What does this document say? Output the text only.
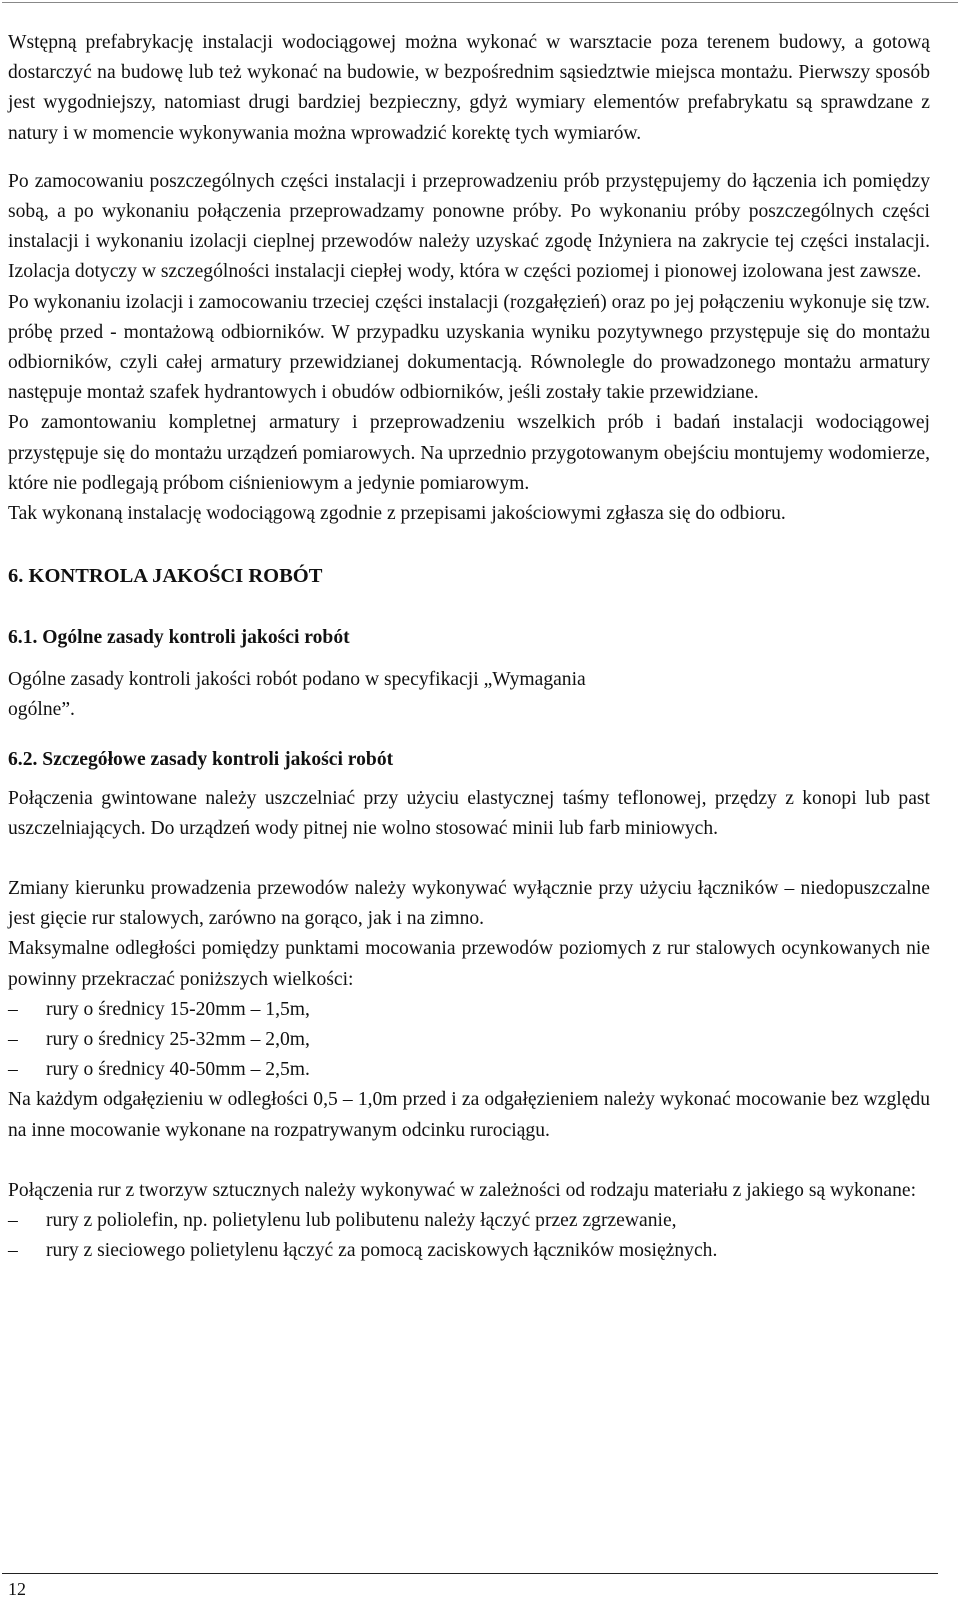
Wstępną prefabrykację instalacji wodociągowej można wykonać w warsztacie poza terenem budowy, a gotową dostarczyć na budowę lub też wykonać na budowie, w bezpośrednim sąsiedztwie miejsca montażu. Pierwszy sposób jest wygodniejszy, natomiast drugi bardziej bezpieczny, gdyż wymiary elementów prefabrykatu są sprawdzane z natury i w momencie wykonywania można wprowadzić korektę tych wymiarów.

Po zamocowaniu poszczególnych części instalacji i przeprowadzeniu prób przystępujemy do łączenia ich pomiędzy sobą, a po wykonaniu połączenia przeprowadzamy ponowne próby. Po wykonaniu próby poszczególnych części instalacji i wykonaniu izolacji cieplnej przewodów należy uzyskać zgodę Inżyniera na zakrycie tej części instalacji. Izolacja dotyczy w szczególności instalacji ciepłej wody, która w części poziomej i pionowej izolowana jest zawsze.

Po wykonaniu izolacji i zamocowaniu trzeciej części instalacji (rozgałęzień) oraz po jej połączeniu wykonuje się tzw. próbę przed - montażową odbiorników. W przypadku uzyskania wyniku pozytywnego przystępuje się do montażu odbiorników, czyli całej armatury przewidzianej dokumentacją. Równolegle do prowadzonego montażu armatury następuje montaż szafek hydrantowych i obudów odbiorników, jeśli zostały takie przewidziane.

Po zamontowaniu kompletnej armatury i przeprowadzeniu wszelkich prób i badań instalacji wodociągowej przystępuje się do montażu urządzeń pomiarowych. Na uprzednio przygotowanym obejściu montujemy wodomierze, które nie podlegają próbom ciśnieniowym a jedynie pomiarowym.

Tak wykonaną instalację wodociągową zgodnie z przepisami jakościowymi zgłasza się do odbioru.

6. KONTROLA JAKOŚCI ROBÓT
6.1. Ogólne zasady kontroli jakości robót

Ogólne zasady kontroli jakości robót podano w specyfikacji „Wymagania

ogólne”.

6.2. Szczegółowe zasady kontroli jakości robót

Połączenia gwintowane należy uszczelniać przy użyciu elastycznej taśmy teflonowej, przędzy z konopi lub past uszczelniających. Do urządzeń wody pitnej nie wolno stosować minii lub farb miniowych.

Zmiany kierunku prowadzenia przewodów należy wykonywać wyłącznie przy użyciu łączników – niedopuszczalne jest gięcie rur stalowych, zarówno na gorąco, jak i na zimno.

Maksymalne odległości pomiędzy punktami mocowania przewodów poziomych z rur stalowych ocynkowanych nie powinny przekraczać poniższych wielkości:

–	rury o średnicy 15-20mm – 1,5m,
–	rury o średnicy 25-32mm – 2,0m,
–	rury o średnicy 40-50mm – 2,5m.

Na każdym odgałęzieniu w odległości 0,5 – 1,0m przed i za odgałęzieniem należy wykonać mocowanie bez względu na inne mocowanie wykonane na rozpatrywanym odcinku rurociągu.

Połączenia rur z tworzyw sztucznych należy wykonywać w zależności od rodzaju materiału z jakiego są wykonane:

–	rury z poliolefin, np. polietylenu lub polibutenu należy łączyć przez zgrzewanie,
–	rury z sieciowego polietylenu łączyć za pomocą zaciskowych łączników mosiężnych.
12
